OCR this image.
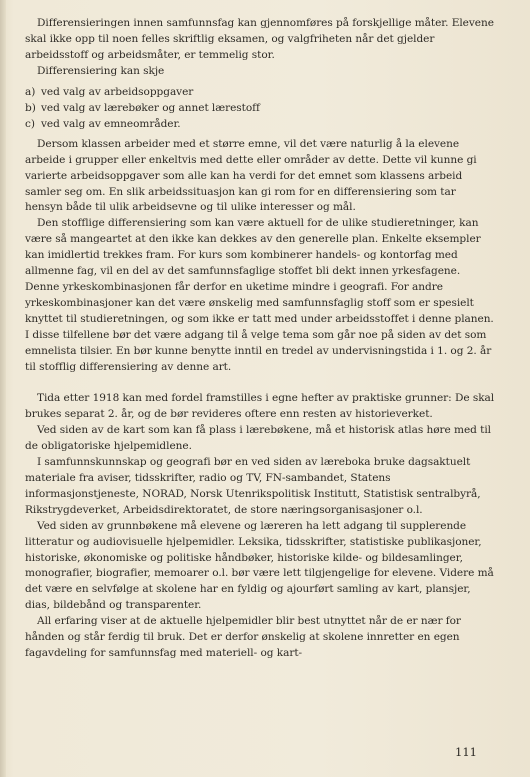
Differensieringen innen samfunnsfag kan gjennomføres på forskjellige måter. Elevene skal ikke opp til noen felles skriftlig eksamen, og valgfriheten når det gjelder arbeidsstoff og arbeidsmåter, er temmelig stor.

Differensiering kan skje

a) ved valg av arbeidsoppgaver
b) ved valg av lærebøker og annet lærestoff
c) ved valg av emneområder.

Dersom klassen arbeider med et større emne, vil det være naturlig å la elevene arbeide i grupper eller enkeltvis med dette eller områder av dette. Dette vil kunne gi varierte arbeidsoppgaver som alle kan ha verdi for det emnet som klassens arbeid samler seg om. En slik arbeidssituasjon kan gi rom for en differensiering som tar hensyn både til ulik arbeidsevne og til ulike interesser og mål.

Den stofflige differensiering som kan være aktuell for de ulike studieretninger, kan være så mangeartet at den ikke kan dekkes av den generelle plan. Enkelte eksempler kan imidlertid trekkes fram. For kurs som kombinerer handels- og kontorfag med allmenne fag, vil en del av det samfunnsfaglige stoffet bli dekt innen yrkesfagene. Denne yrkeskombinasjonen får derfor en uketime mindre i geografi. For andre yrkeskombinasjoner kan det være ønskelig med samfunnsfaglig stoff som er spesielt knyttet til studieretningen, og som ikke er tatt med under arbeidsstoffet i denne planen. I disse tilfellene bør det være adgang til å velge tema som går noe på siden av det som emnelista tilsier. En bør kunne benytte inntil en tredel av undervisningstida i 1. og 2. år til stofflig differensiering av denne art.

Tida etter 1918 kan med fordel framstilles i egne hefter av praktiske grunner: De skal brukes separat 2. år, og de bør revideres oftere enn resten av historieverket.

Ved siden av de kart som kan få plass i lærebøkene, må et historisk atlas høre med til de obligatoriske hjelpemidlene.

I samfunnskunnskap og geografi bør en ved siden av læreboka bruke dagsaktuelt materiale fra aviser, tidsskrifter, radio og TV, FN-sambandet, Statens informasjonstjeneste, NORAD, Norsk Utenrikspolitisk Institutt, Statistisk sentralbyrå, Rikstrygdeverket, Arbeidsdirektoratet, de store næringsorganisasjoner o.l.

Ved siden av grunnbøkene må elevene og læreren ha lett adgang til supplerende litteratur og audiovisuelle hjelpemidler. Leksika, tidsskrifter, statistiske publikasjoner, historiske, økonomiske og politiske håndbøker, historiske kilde- og bildesamlinger, monografier, biografier, memoarer o.l. bør være lett tilgjengelige for elevene. Videre må det være en selvfølge at skolene har en fyldig og ajourført samling av kart, plansjer, dias, bildebånd og transparenter.

All erfaring viser at de aktuelle hjelpemidler blir best utnyttet når de er nær for hånden og står ferdig til bruk. Det er derfor ønskelig at skolene innretter en egen fagavdeling for samfunnsfag med materiell- og kart-

111
